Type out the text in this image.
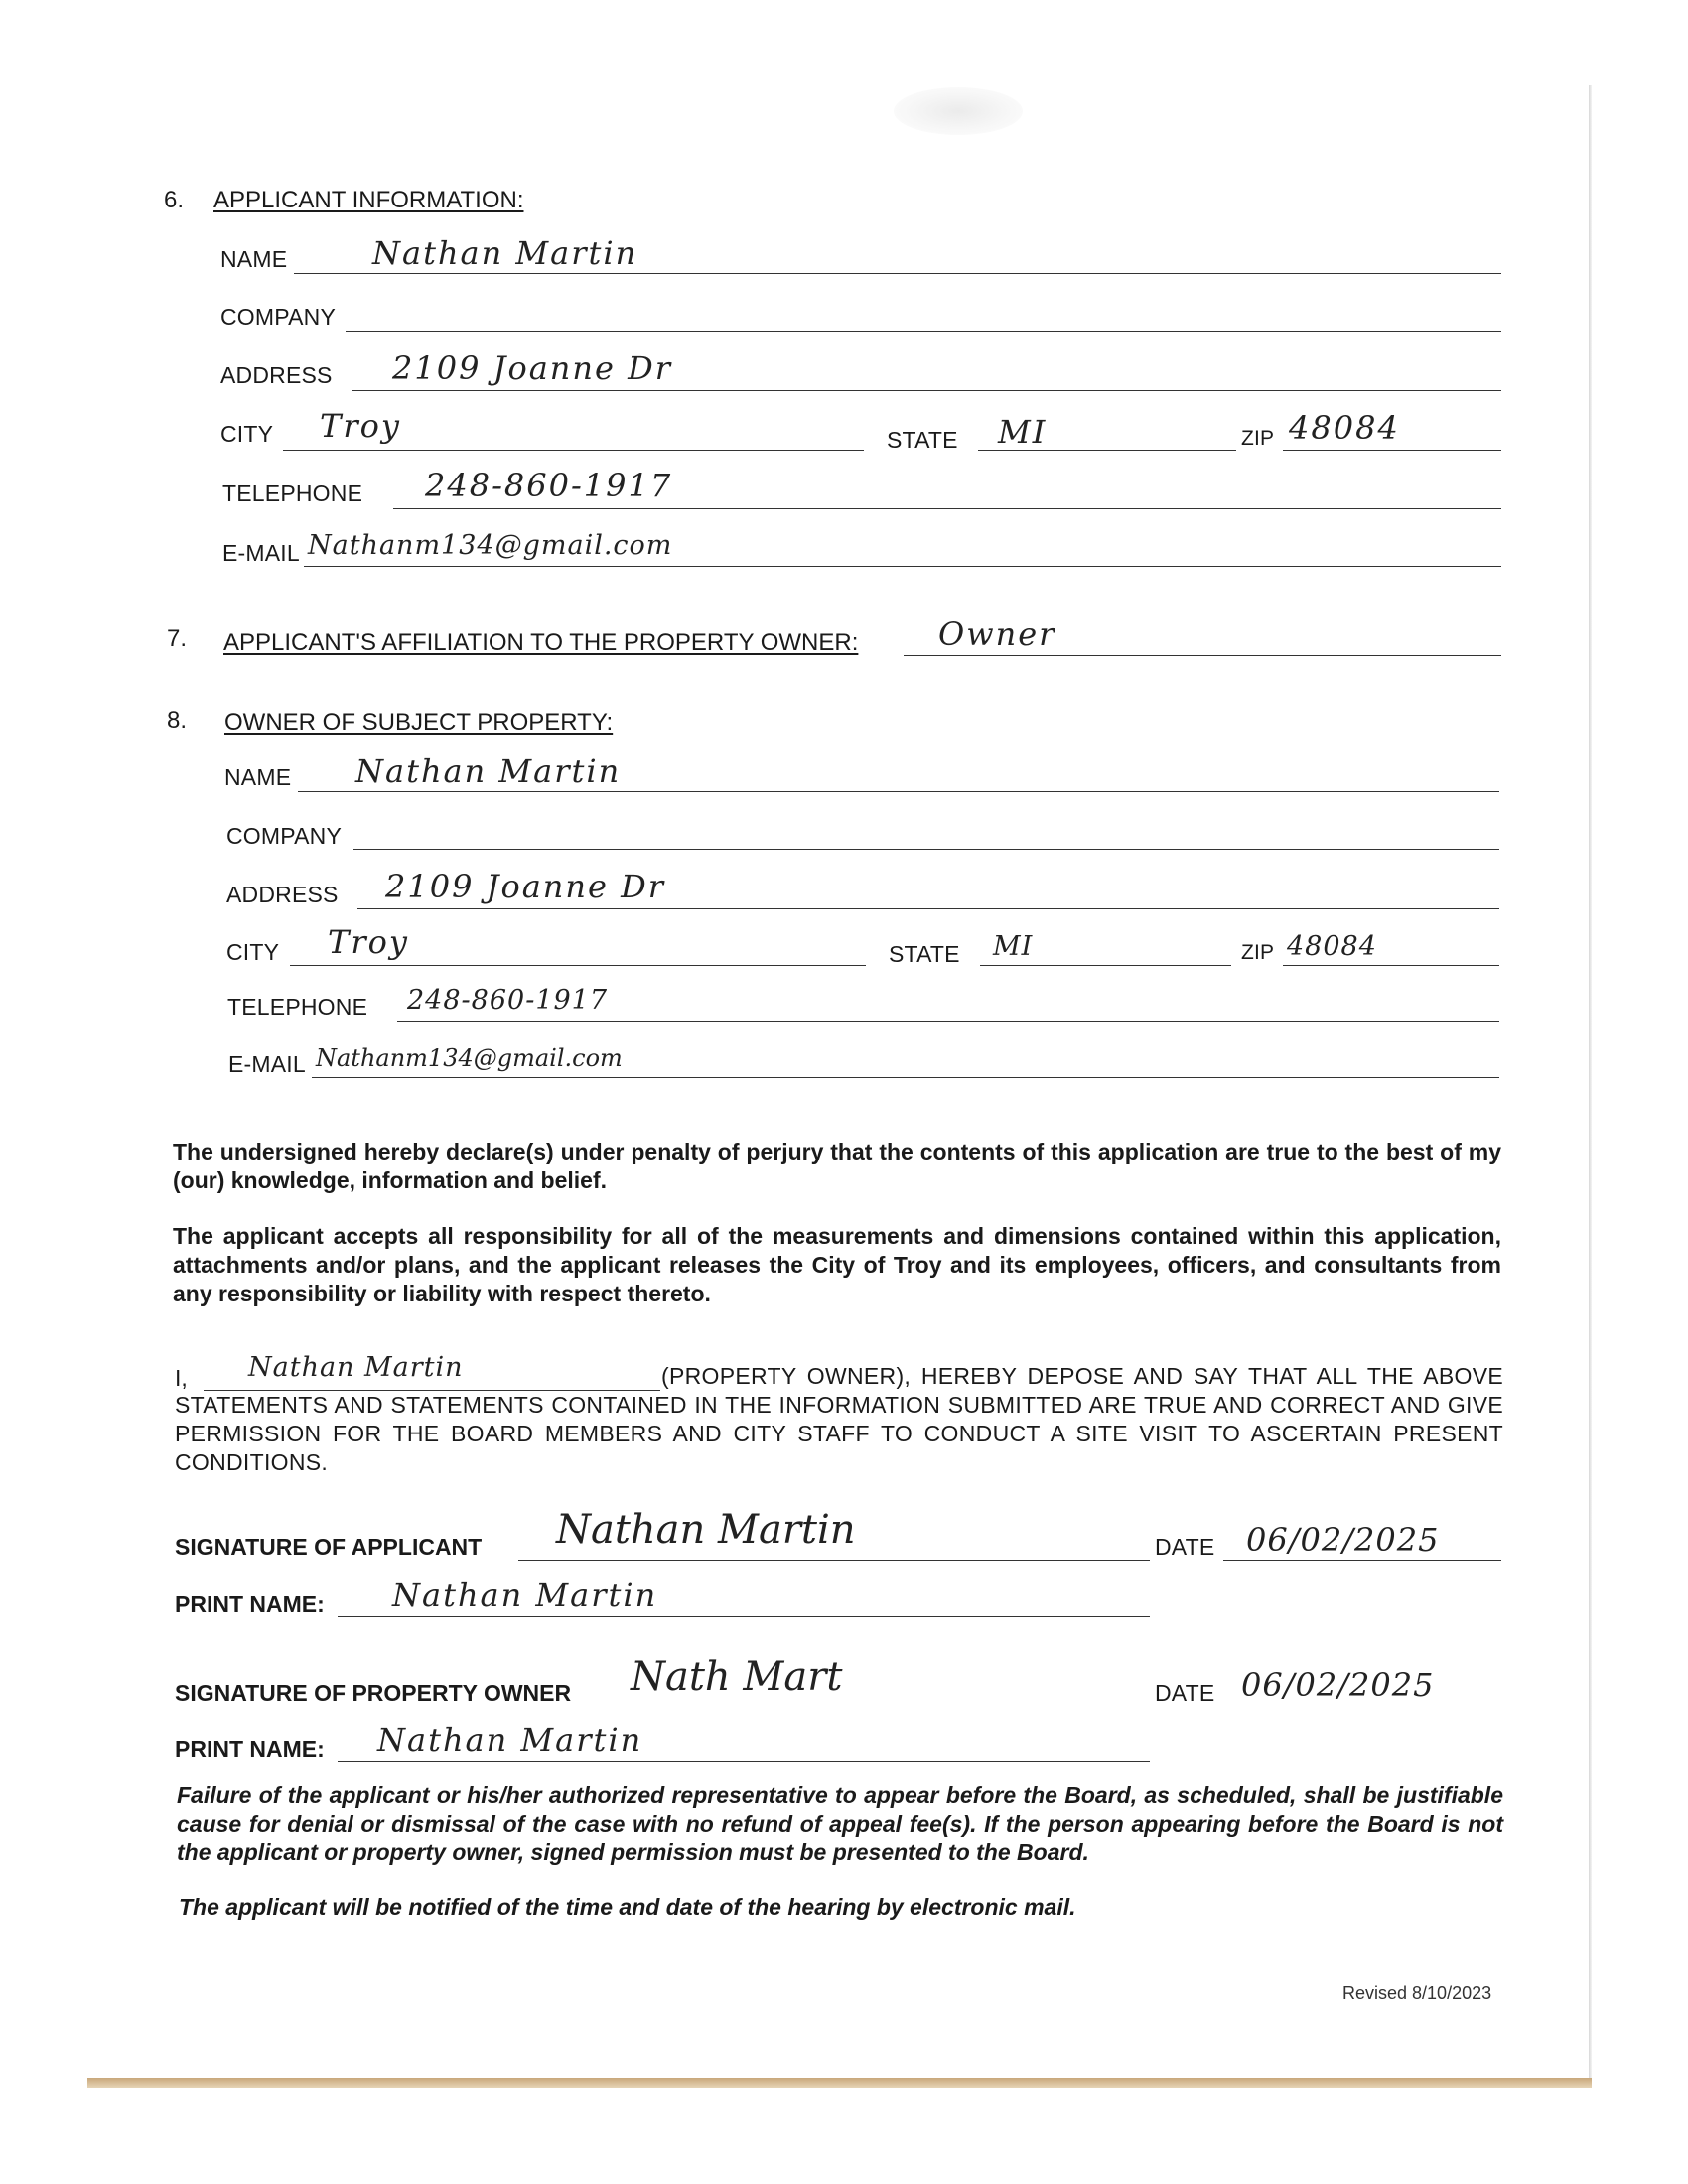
6. APPLICANT INFORMATION:
NAME	Nathan Martin
COMPANY
ADDRESS 2109 Joanne Dr
CITY Troy	STATE MI	ZIP 48084
TELEPHONE 248-860-1917
E-MAIL Nathanm134@gmail.com
7. APPLICANT'S AFFILIATION TO THE PROPERTY OWNER:	Owner
8. OWNER OF SUBJECT PROPERTY:
NAME Nathan Martin
COMPANY
ADDRESS 2109 Joanne Dr
CITY Troy	STATE MI	ZIP 48084
TELEPHONE 248-860-1917
E-MAIL Nathanm134@gmail.com
The undersigned hereby declare(s) under penalty of perjury that the contents of this application are true to the best of my (our) knowledge, information and belief.
The applicant accepts all responsibility for all of the measurements and dimensions contained within this application, attachments and/or plans, and the applicant releases the City of Troy and its employees, officers, and consultants from any responsibility or liability with respect thereto.
I, Nathan Martin	(PROPERTY OWNER), HEREBY DEPOSE AND SAY THAT ALL THE ABOVE STATEMENTS AND STATEMENTS CONTAINED IN THE INFORMATION SUBMITTED ARE TRUE AND CORRECT AND GIVE PERMISSION FOR THE BOARD MEMBERS AND CITY STAFF TO CONDUCT A SITE VISIT TO ASCERTAIN PRESENT CONDITIONS.
SIGNATURE OF APPLICANT Nathan Martin	DATE 06/02/2025
PRINT NAME: Nathan Martin
SIGNATURE OF PROPERTY OWNER Nath Mart	DATE 06/02/2025
PRINT NAME: Nathan Martin
Failure of the applicant or his/her authorized representative to appear before the Board, as scheduled, shall be justifiable cause for denial or dismissal of the case with no refund of appeal fee(s). If the person appearing before the Board is not the applicant or property owner, signed permission must be presented to the Board.
The applicant will be notified of the time and date of the hearing by electronic mail.
Revised 8/10/2023
